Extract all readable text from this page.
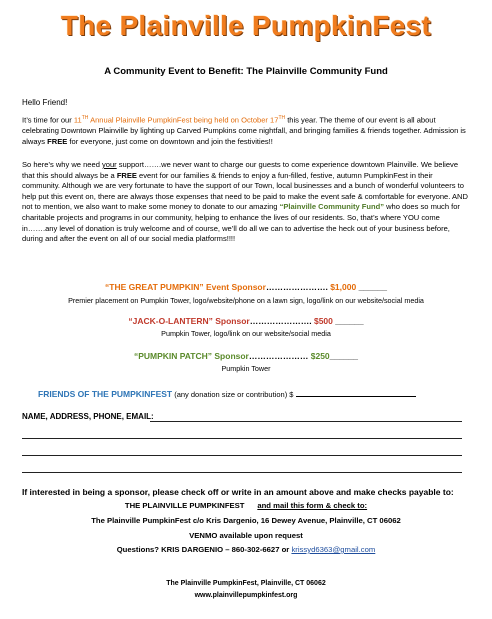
The Plainville PumpkinFest
A Community Event to Benefit: The Plainville Community Fund
Hello Friend!
It’s time for our 11TH Annual Plainville PumpkinFest being held on October 17TH this year. The theme of our event is all about celebrating Downtown Plainville by lighting up Carved Pumpkins come nightfall, and bringing families & friends together. Admission is always FREE for everyone, just come on downtown and join the festivities!!
So here’s why we need your support…….we never want to charge our guests to come experience downtown Plainville. We believe that this should always be a FREE event for our families & friends to enjoy a fun-filled, festive, autumn PumpkinFest in their community. Although we are very fortunate to have the support of our Town, local businesses and a bunch of wonderful volunteers to help put this event on, there are always those expenses that need to be paid to make the event safe & comfortable for everyone. AND not to mention, we also want to make some money to donate to our amazing “Plainville Community Fund” who does so much for charitable projects and programs in our community, helping to enhance the lives of our residents. So, that’s where YOU come in…….any level of donation is truly welcome and of course, we’ll do all we can to advertise the heck out of your business before, during and after the event on all of our social media platforms!!!!
“THE GREAT PUMPKIN” Event Sponsor…………………. $1,000 ______
Premier placement on Pumpkin Tower, logo/website/phone on a lawn sign, logo/link on our website/social media
“JACK-O-LANTERN” Sponsor…………………. $500 ______
Pumpkin Tower, logo/link on our website/social media
“PUMPKIN PATCH” Sponsor………………… $250______
Pumpkin Tower
FRIENDS OF THE PUMPKINFEST (any donation size or contribution) $
NAME, ADDRESS, PHONE, EMAIL:
If interested in being a sponsor, please check off or write in an amount above and make checks payable to:
THE PLAINVILLE PUMPKINFEST and mail this form & check to:
The Plainville PumpkinFest c/o Kris Dargenio, 16 Dewey Avenue, Plainville, CT 06062
VENMO available upon request
Questions? KRIS DARGENIO – 860-302-6627 or krissyd6363@gmail.com
The Plainville PumpkinFest, Plainville, CT 06062
www.plainvillepumpkinfest.org
